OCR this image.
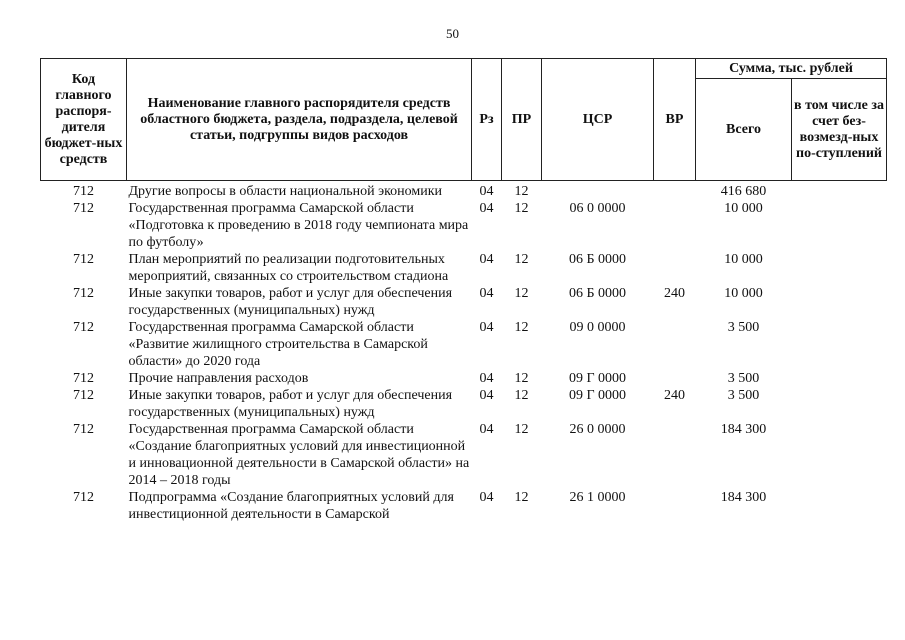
50
Код главного распоря-дителя бюджет-ных средств	Наименование главного распорядителя средств областного бюджета, раздела, подраздела, целевой статьи, подгруппы видов расходов	Рз	ПР	ЦСР	ВР	Сумма, тыс. рублей	
						Всего	в том числе за счет без-возмезд-ных по-ступлений
712	Другие вопросы в области национальной экономики	04	12			416 680	
712	Государственная программа Самарской области «Подготовка к проведению в 2018 году чемпионата мира по футболу»	04	12	06 0 0000		10 000	
712	План мероприятий по реализации подготовительных мероприятий, связанных со строительством стадиона	04	12	06 Б 0000		10 000	
712	Иные закупки товаров, работ и услуг для обеспечения государственных (муниципальных) нужд	04	12	06 Б 0000	240	10 000	
712	Государственная программа Самарской области «Развитие жилищного строительства в Самарской области» до 2020 года	04	12	09 0 0000		3 500	
712	Прочие направления расходов	04	12	09 Г 0000		3 500	
712	Иные закупки товаров, работ и услуг для обеспечения государственных (муниципальных) нужд	04	12	09 Г 0000	240	3 500	
712	Государственная программа Самарской области «Создание благоприятных условий для инвестиционной и инновационной деятельности в Самарской области» на 2014 – 2018 годы	04	12	26 0 0000		184 300	
712	Подпрограмма «Создание благоприятных условий для инвестиционной деятельности в Самарской	04	12	26 1 0000		184 300	
